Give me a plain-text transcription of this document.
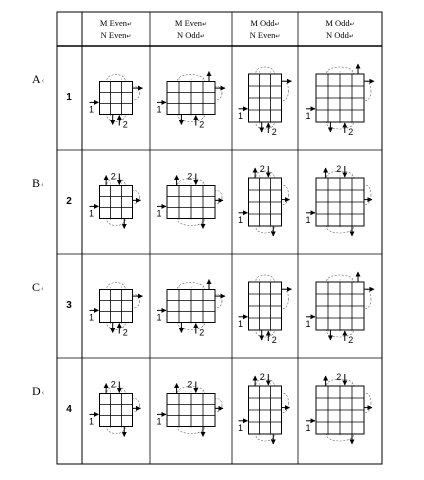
A‹
B‹
C‹
D‹
M Even↵
N Even↵
M Even↵
N Odd↵
M Odd↵
N Even↵
M Odd↵
N Odd↵
1
2
3
4
1
2
1
2
1
2
1
2
1
2
1
2
1
2
1
2
1
2
1
2
1
2
1
2
1
2
1
2
1
2
1
2
